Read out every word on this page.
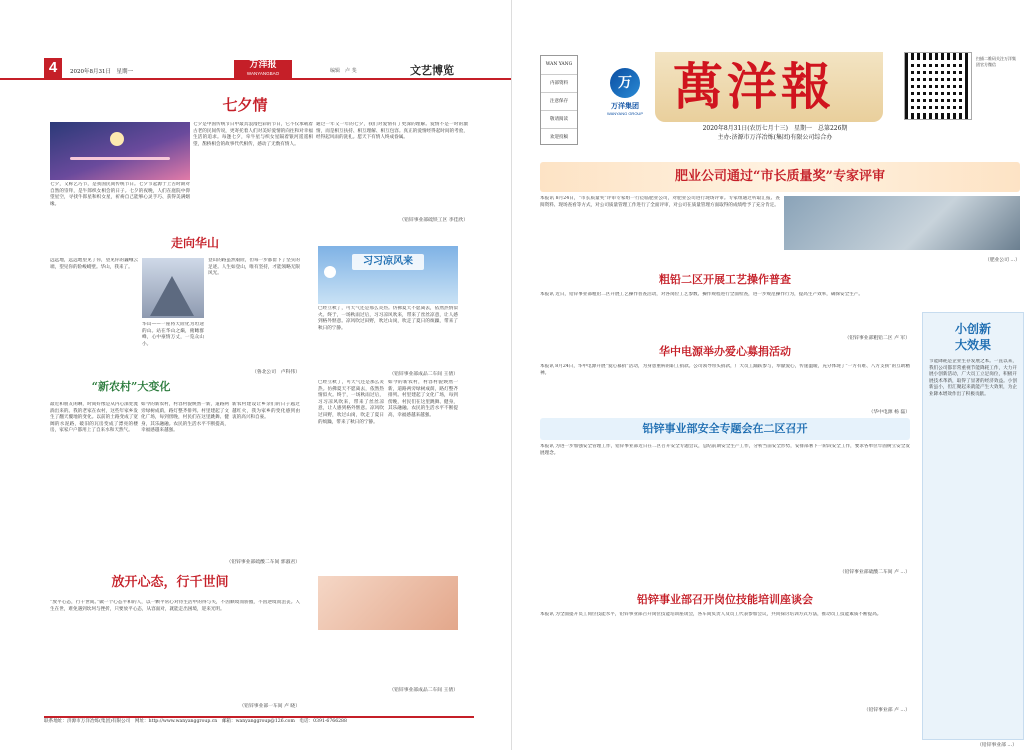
4	2020年8月31日　星期一
万洋报
WANYANGBAO	编辑　卢 斐	文艺博览
七夕情
七夕，又称乞巧节，是我国民间传统节日。七夕节起源于上古时期对自然的崇拜，是牛郎织女相会的日子。七夕的夜晚，人们在庭院中仰望星空，寻找牛郎星和织女星，祈祷自己能够心灵手巧、获得美满姻缘。
七夕是中国传统节日中最具浪漫色彩的节日，它不仅承载着古老的民间传说，更寄托着人们对美好爱情的向往和对幸福生活的追求。每逢七夕，牵牛星与织女星隔着银河遥遥相望，鹊桥相会的故事代代相传，感动了无数有情人。
通过一年又一年的七夕，我们对爱情有了更深的理解。爱情不是一时的激情，而是相互扶持、相互理解、相互包容。真正的爱情经得起时间的考验，经得起风雨的洗礼。愿天下有情人终成眷属。
（铅锌事业部硫铁工区 李佳欣）
走向华山
远远地，远远地望见了你，望见你的巍峨云端，望见你的险峻峭壁。华山，我来了。
华山——一座将天险化为坦途的山。站在华山之巅，俯瞰群峰，心中豪情万丈，一览众山小。
登山的路虽然艰险，但每一步都留下了坚实的足迹。人生如登山，唯有坚持，才能领略无限风光。
（鲁北公司　卢科伟）
习习凉风来
已经立秋了，可天气还是那么炎热。仿佛夏天不愿离去，依然热情似火。终于，一场秋雨过后，习习凉风吹来，带来了丝丝凉意，让人感到格外惬意。凉风吹过田野，吹过山岗，吹走了夏日的烦躁，带来了秋日的宁静。
（铅锌事业部成品二车间 王倩）
“新农村”大变化
最近和朋友闲聊，时间好像是从内心深处流淌出来的。我的老家在农村，这些年家乡发生了翻天覆地的变化。以前的土路变成了宽阔的水泥路，破旧的瓦房变成了漂亮的楼房，家家户户都用上了自来水和天然气。
如今的新农村，村容村貌焕然一新，道路两旁绿树成荫，路灯整齐排列。村里建起了文化广场，每到傍晚，村民们在这里跳舞、健身，其乐融融。农民的生活水平不断提高，幸福感越来越强。
新农村建设让乡亲们的日子越过越红火，我为家乡的变化感到由衷的高兴和自豪。
（铅锌事业部硫酸二车间 郭淑君）
已经立秋了，可天气还是那么炎热。仿佛夏天不愿离去，依然热情似火。终于，一场秋雨过后，习习凉风吹来，带来了丝丝凉意，让人感到格外惬意。凉风吹过田野，吹过山岗，吹走了夏日的烦躁，带来了秋日的宁静。
如今的新农村，村容村貌焕然一新，道路两旁绿树成荫，路灯整齐排列。村里建起了文化广场，每到傍晚，村民们在这里跳舞、健身，其乐融融。农民的生活水平不断提高，幸福感越来越强。
（铅锌事业部成品二车间 王倩）
放开心态，行千世间
“放平心态，行千世间。”做一个心态平和的人，以一颗平常心对待生活中的得与失，不因顺境而骄傲，不因逆境而沮丧。人生在世，难免遇到坎坷与挫折，只要放平心态，从容面对，就能走出困境，迎来光明。
（铅锌事业部一车间 卢 晓）
联系地址：济源市万洋冶炼(集团)有限公司　网址：http://www.wanyanggroup.cn　邮箱：wanyanggroup@126.com　电话：0391-6766288
WAN YANG
内部资料
注意保存
敬请阅读
欢迎投稿
万
万洋集团
WANYANG GROUP 萬洋報	扫描二维码关注万洋集团官方微信
2020年8月31日(农历七月十三)　星期一　总第226期
主办:济源市万洋冶炼(集团)有限公司综合办
肥业公司通过“市长质量奖”专家评审
本报讯 8月24日，“市长质量奖”评审专家组一行莅临肥业公司，对肥业公司进行现场评审。专家组通过听取汇报、查阅资料、现场查看等方式，对公司质量管理工作进行了全面评审，对公司在质量管理方面取得的成绩给予了充分肯定。
（肥业公司 …）
粗铅二区开展工艺操作普查
本报讯 近日，铅锌事业部粗铅二区开展工艺操作普查活动，对各岗位工艺参数、操作规程进行全面检查，进一步规范操作行为，提高生产效率，确保安全生产。
（铅锌事业部粗铅二区 卢 军）
华中电源举办爱心募捐活动
本报讯 8月24日，华中电源开展“爱心募捐”活动，为身患重病的职工捐款。公司领导带头捐款，广大员工踊跃参与，奉献爱心，传递温暖，充分体现了“一方有难、八方支援”的互助精神。
（华中电源 杨 磊）
铅锌事业部安全专题会在二区召开
本报讯 为进一步加强安全管理工作，铅锌事业部近日在二区召开安全专题会议，总结前期安全生产工作，分析当前安全形势，安排部署下一阶段安全工作，要求各单位牢固树立安全发展理念。
（铅锌事业部硫酸二车间 卢 …）
铅锌事业部召开岗位技能培训座谈会
本报讯 为全面提升员工岗位技能水平，铅锌事业部召开岗位技能培训座谈会，各车间负责人及员工代表参加会议，共同探讨培训方式方法，推动员工技能素质不断提高。
（铅锌事业部 卢 …）
小创新
大效果
节能降耗是企业生存发展之本。一直以来，我们公司都非常重视节能降耗工作，大力开展小创新活动，广大员工立足岗位，积极开展技术革新，取得了显著的经济效益。小创新虽小，但汇聚起来就能产生大效果，为企业降本增效作出了积极贡献。
（铅锌事业部 …）
